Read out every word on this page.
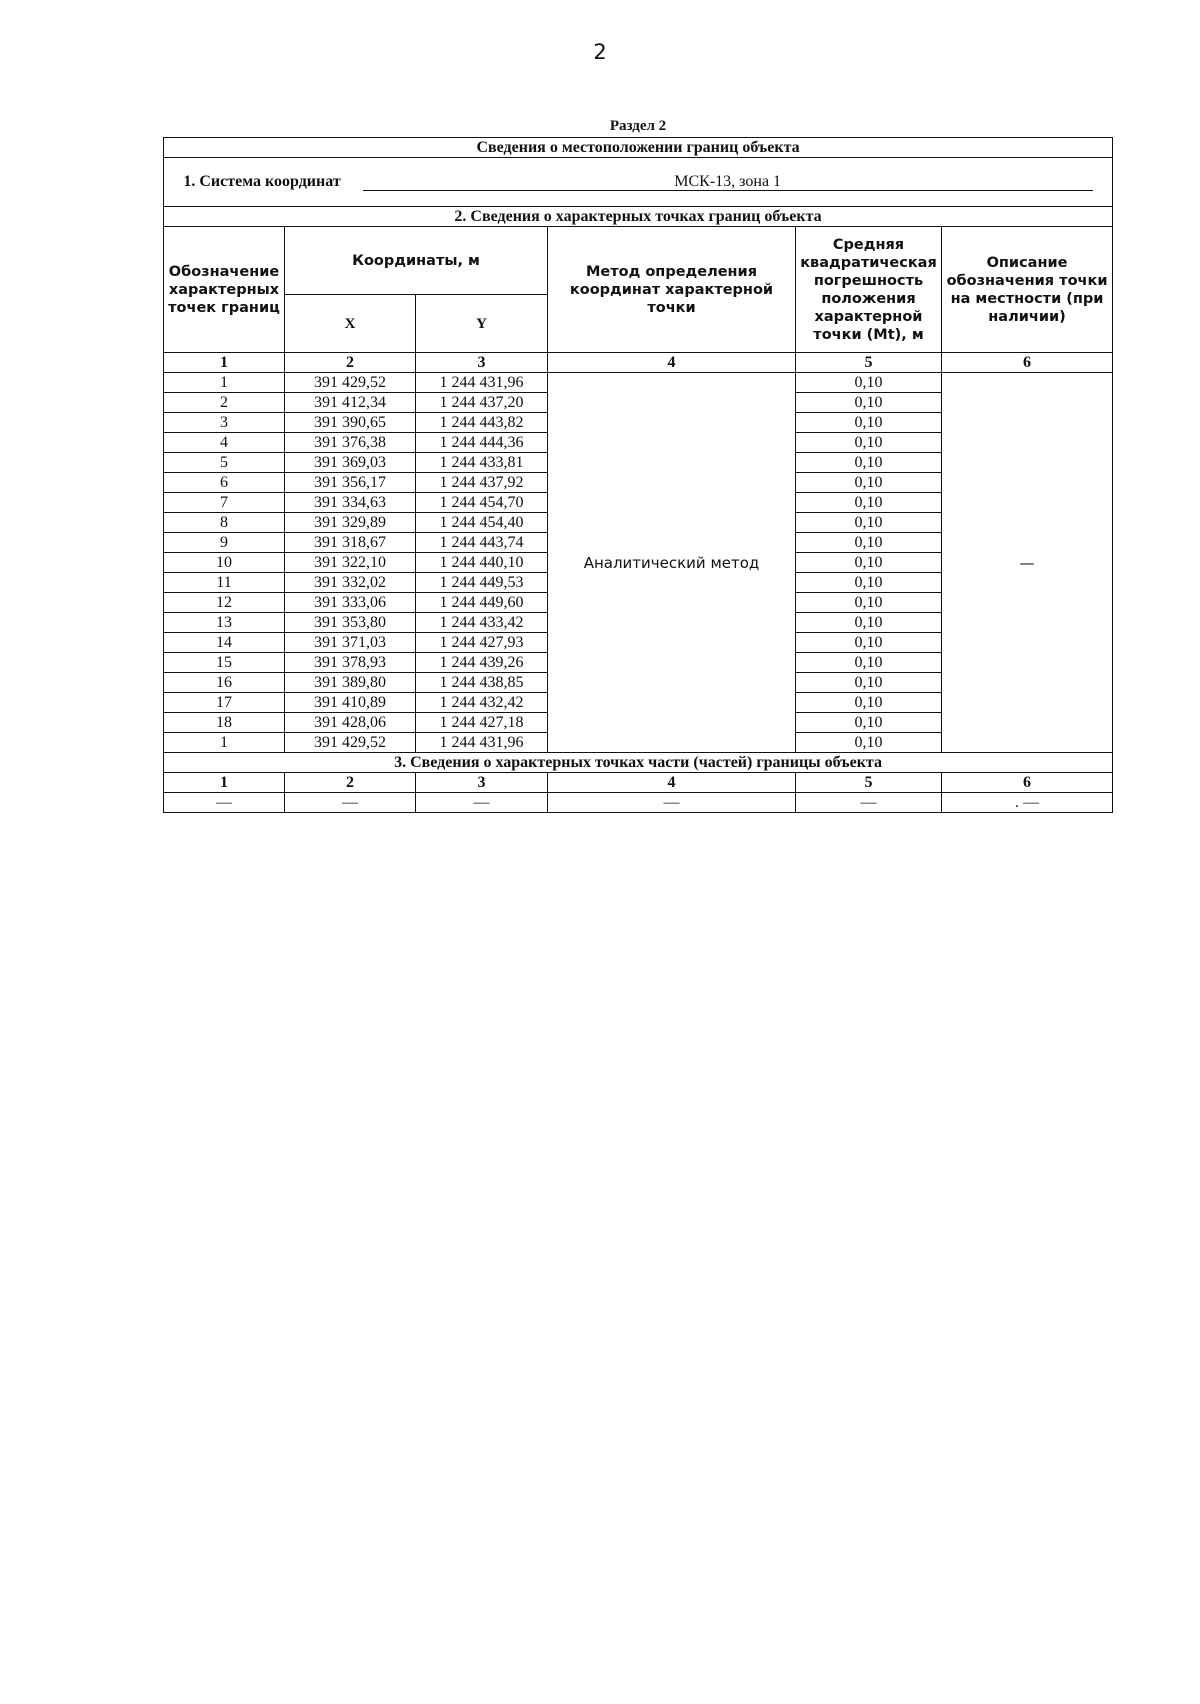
2
Раздел 2
Сведения о местоположении границ объекта					
1. Система координат МСК-13, зона 1					
2. Сведения о характерных точках границ объекта					
Обозначение характерных точек границ	Координаты, м		Метод определения координат характерной точки	Средняя квадратическая погрешность положения характерной точки (Mt), м	Описание обозначения точки на местности (при наличии)
	X	Y			
1	2	3	4	5	6
1	391 429,52	1 244 431,96	Аналитический метод	0,10	—
2	391 412,34	1 244 437,20		0,10	
3	391 390,65	1 244 443,82		0,10	
4	391 376,38	1 244 444,36		0,10	
5	391 369,03	1 244 433,81		0,10	
6	391 356,17	1 244 437,92		0,10	
7	391 334,63	1 244 454,70		0,10	
8	391 329,89	1 244 454,40		0,10	
9	391 318,67	1 244 443,74		0,10	
10	391 322,10	1 244 440,10		0,10	
11	391 332,02	1 244 449,53		0,10	
12	391 333,06	1 244 449,60		0,10	
13	391 353,80	1 244 433,42		0,10	
14	391 371,03	1 244 427,93		0,10	
15	391 378,93	1 244 439,26		0,10	
16	391 389,80	1 244 438,85		0,10	
17	391 410,89	1 244 432,42		0,10	
18	391 428,06	1 244 427,18		0,10	
1	391 429,52	1 244 431,96		0,10	
3. Сведения о характерных точках части (частей) границы объекта					
1	2	3	4	5	6
—	—	—	—	—	. —
